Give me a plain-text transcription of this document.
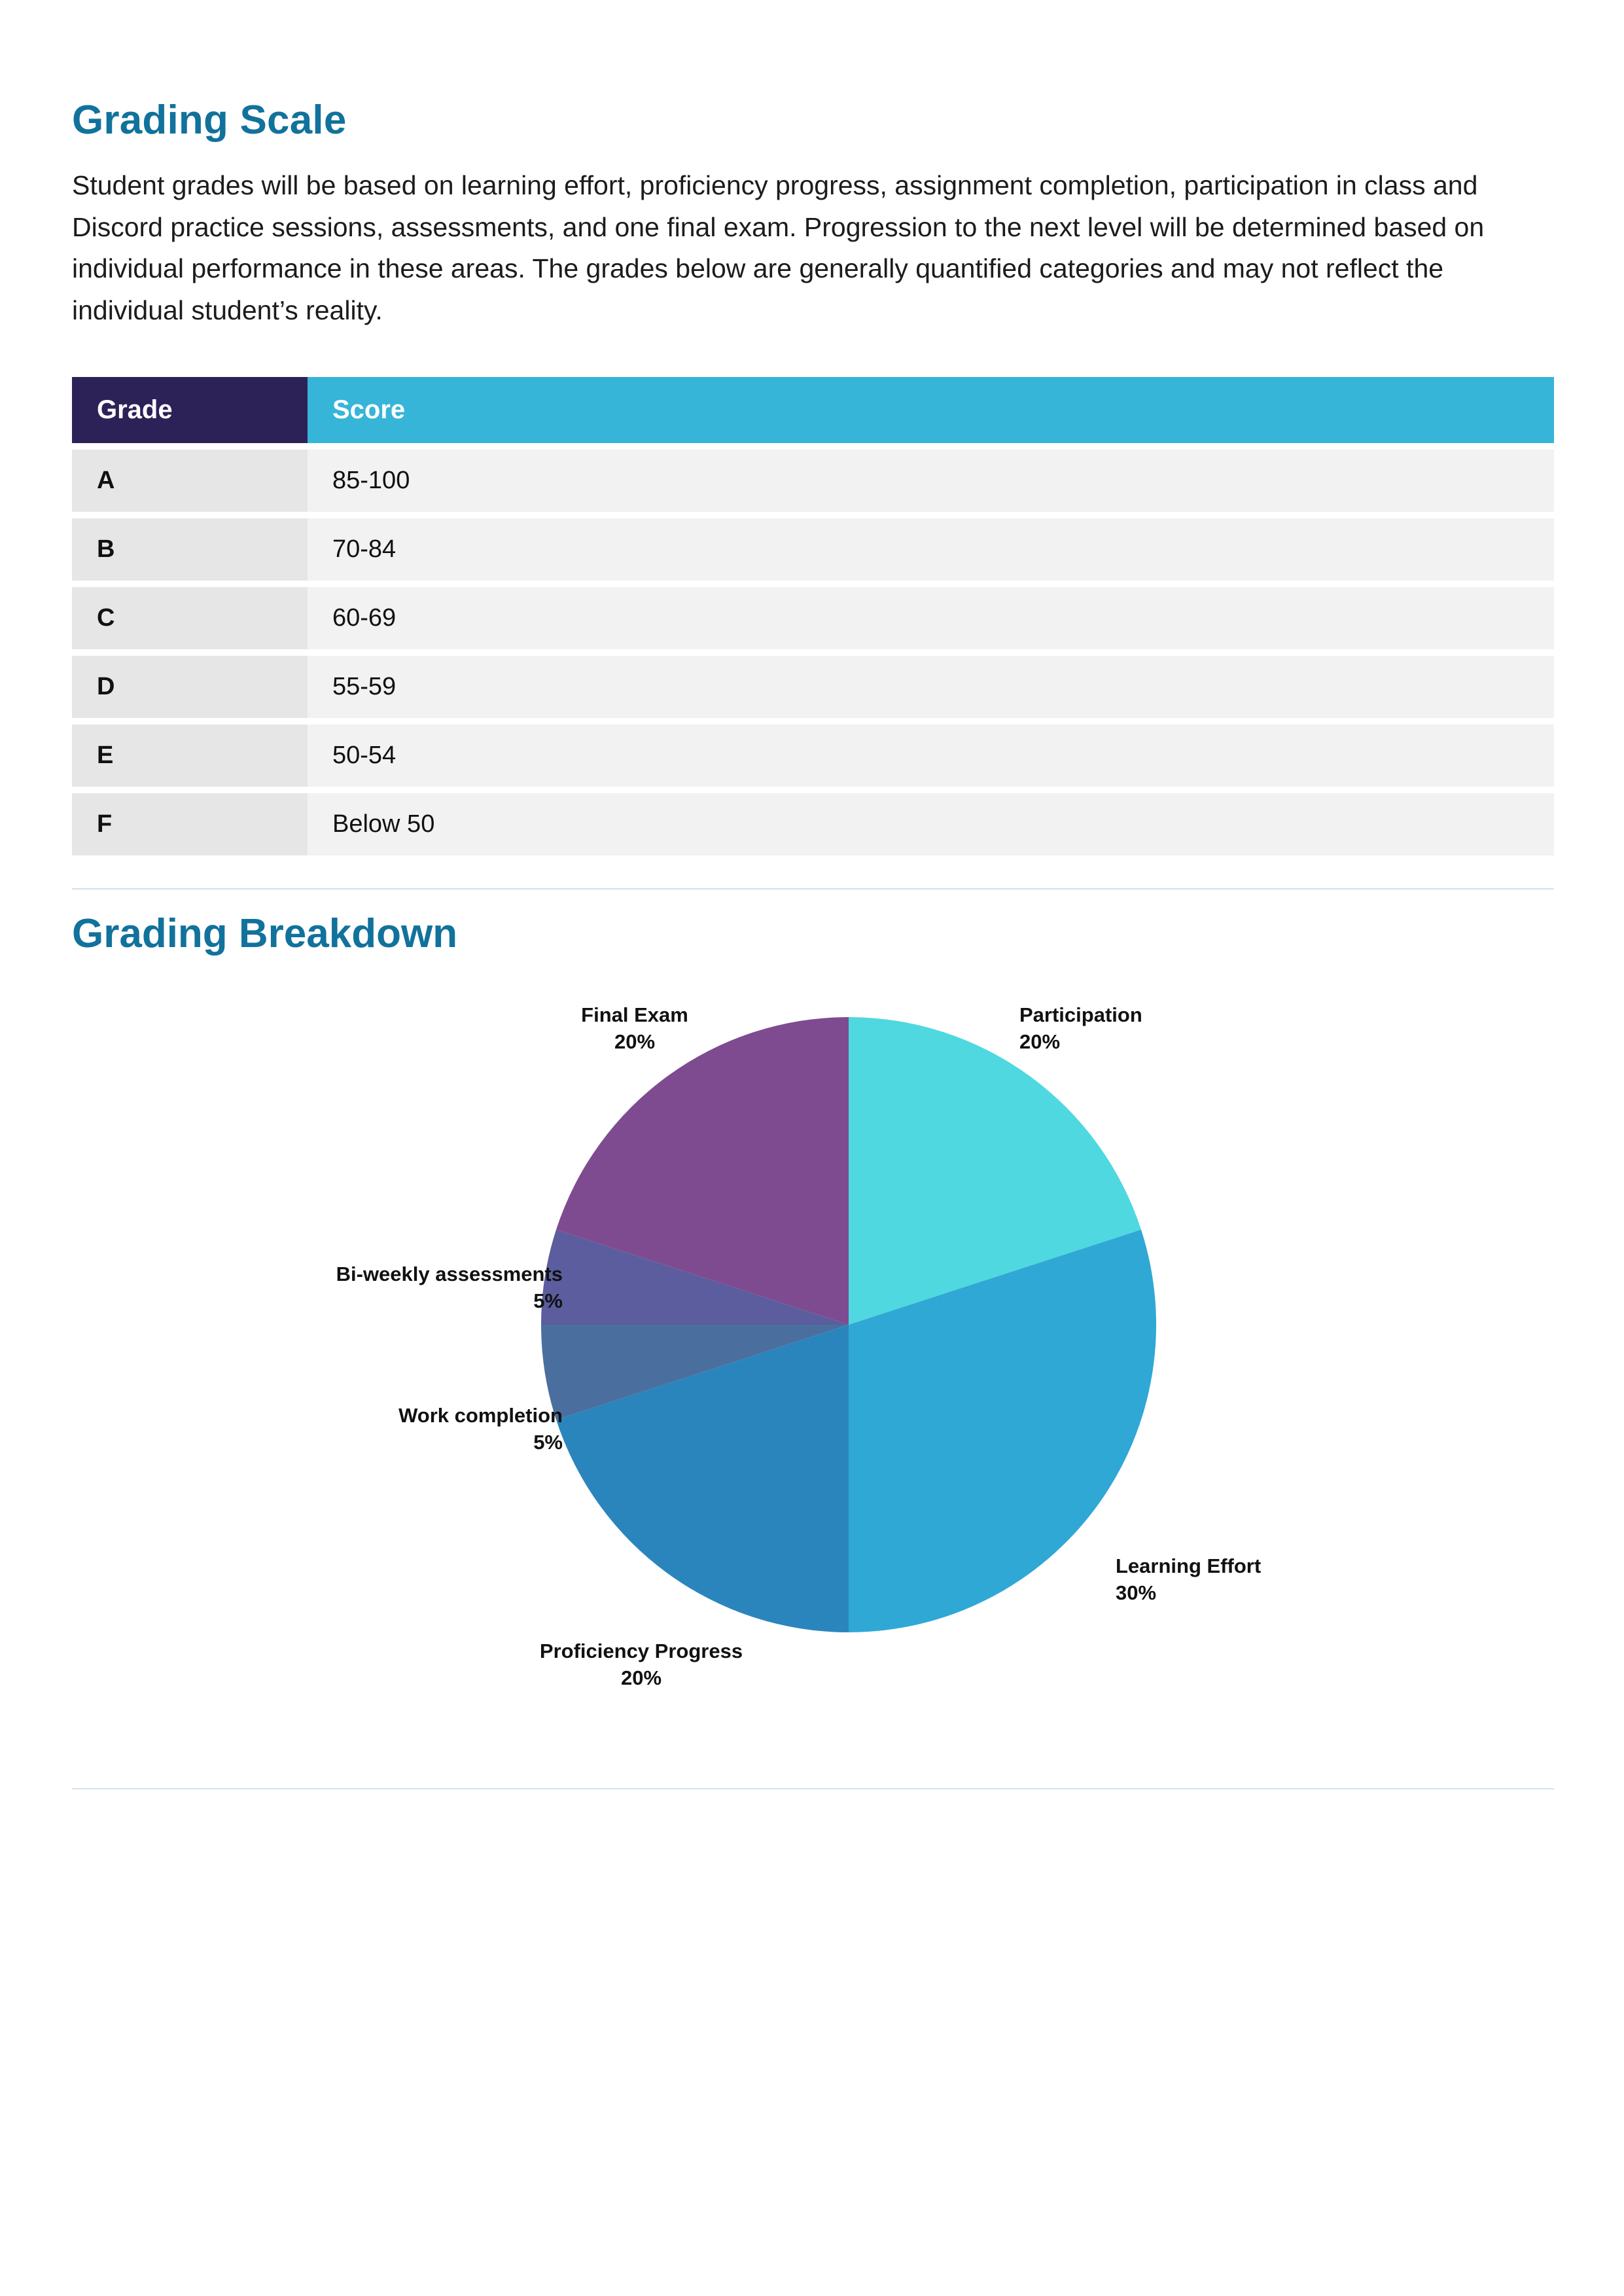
Grading Scale

Student grades will be based on learning effort, proficiency progress, assignment completion, participation in class and Discord practice sessions, assessments, and one final exam. Progression to the next level will be determined based on individual performance in these areas. The grades below are generally quantified categories and may not reflect the individual student’s reality.

Grade	Score
A	85-100
B	70-84
C	60-69
D	55-59
E	50-54
F	Below 50
Grading Breakdown
Participation
20%
Learning Effort
30%
Proficiency Progress
20%
Work completion
5%
Bi-weekly assessments
5%
Final Exam
20%
